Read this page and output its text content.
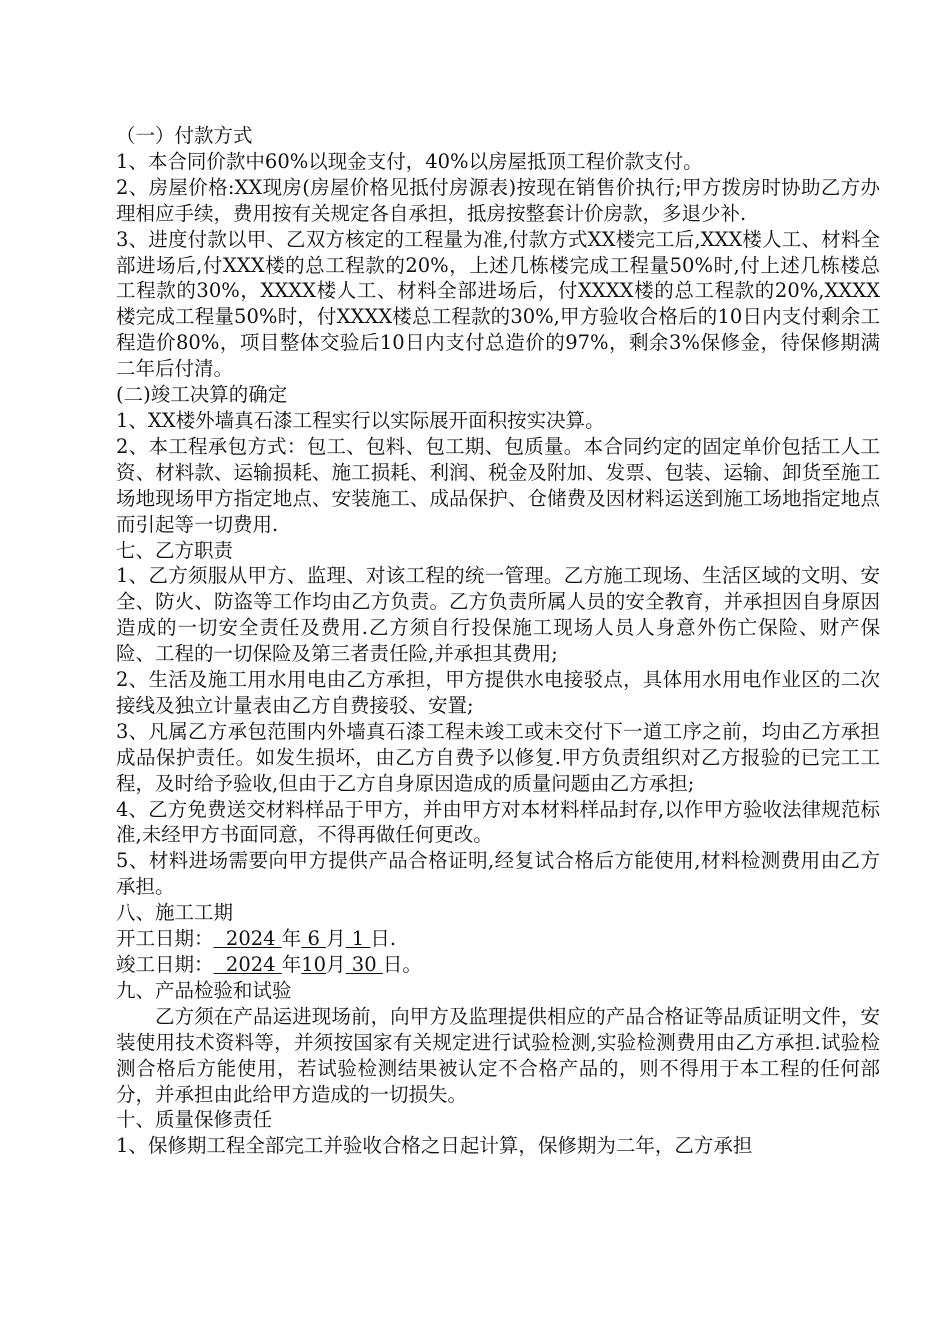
（一）付款方式

1、本合同价款中60%以现金支付，40%以房屋抵顶工程价款支付。

2、房屋价格:XX现房(房屋价格见抵付房源表)按现在销售价执行;甲方拨房时协助乙方办理相应手续，费用按有关规定各自承担，抵房按整套计价房款，多退少补.

3、进度付款以甲、乙双方核定的工程量为准,付款方式XX楼完工后,XXX楼人工、材料全部进场后,付XXX楼的总工程款的20%，上述几栋楼完成工程量50%时,付上述几栋楼总工程款的30%，XXXX楼人工、材料全部进场后，付XXXX楼的总工程款的20%,XXXX楼完成工程量50%时，付XXXX楼总工程款的30%,甲方验收合格后的10日内支付剩余工程造价80%，项目整体交验后10日内支付总造价的97%，剩余3%保修金，待保修期满二年后付清。

(二)竣工决算的确定

1、XX楼外墙真石漆工程实行以实际展开面积按实决算。

2、本工程承包方式：包工、包料、包工期、包质量。本合同约定的固定单价包括工人工资、材料款、运输损耗、施工损耗、利润、税金及附加、发票、包装、运输、卸货至施工场地现场甲方指定地点、安装施工、成品保护、仓储费及因材料运送到施工场地指定地点而引起等一切费用.

七、乙方职责

1、乙方须服从甲方、监理、对该工程的统一管理。乙方施工现场、生活区域的文明、安全、防火、防盗等工作均由乙方负责。乙方负责所属人员的安全教育，并承担因自身原因造成的一切安全责任及费用.乙方须自行投保施工现场人员人身意外伤亡保险、财产保险、工程的一切保险及第三者责任险,并承担其费用;

2、生活及施工用水用电由乙方承担，甲方提供水电接驳点，具体用水用电作业区的二次接线及独立计量表由乙方自费接驳、安置;

3、凡属乙方承包范围内外墙真石漆工程未竣工或未交付下一道工序之前，均由乙方承担成品保护责任。如发生损坏，由乙方自费予以修复.甲方负责组织对乙方报验的已完工工程，及时给予验收,但由于乙方自身原因造成的质量问题由乙方承担;

4、乙方免费送交材料样品于甲方，并由甲方对本材料样品封存,以作甲方验收法律规范标准,未经甲方书面同意，不得再做任何更改。

5、材料进场需要向甲方提供产品合格证明,经复试合格后方能使用,材料检测费用由乙方承担。

八、施工工期

开工日期：  2024 年 6 月 1 日.

竣工日期：  2024 年10月 30 日。

九、产品检验和试验

乙方须在产品运进现场前，向甲方及监理提供相应的产品合格证等品质证明文件，安装使用技术资料等，并须按国家有关规定进行试验检测,实验检测费用由乙方承担.试验检测合格后方能使用，若试验检测结果被认定不合格产品的，则不得用于本工程的任何部分，并承担由此给甲方造成的一切损失。

十、质量保修责任

1、保修期工程全部完工并验收合格之日起计算，保修期为二年，乙方承担
